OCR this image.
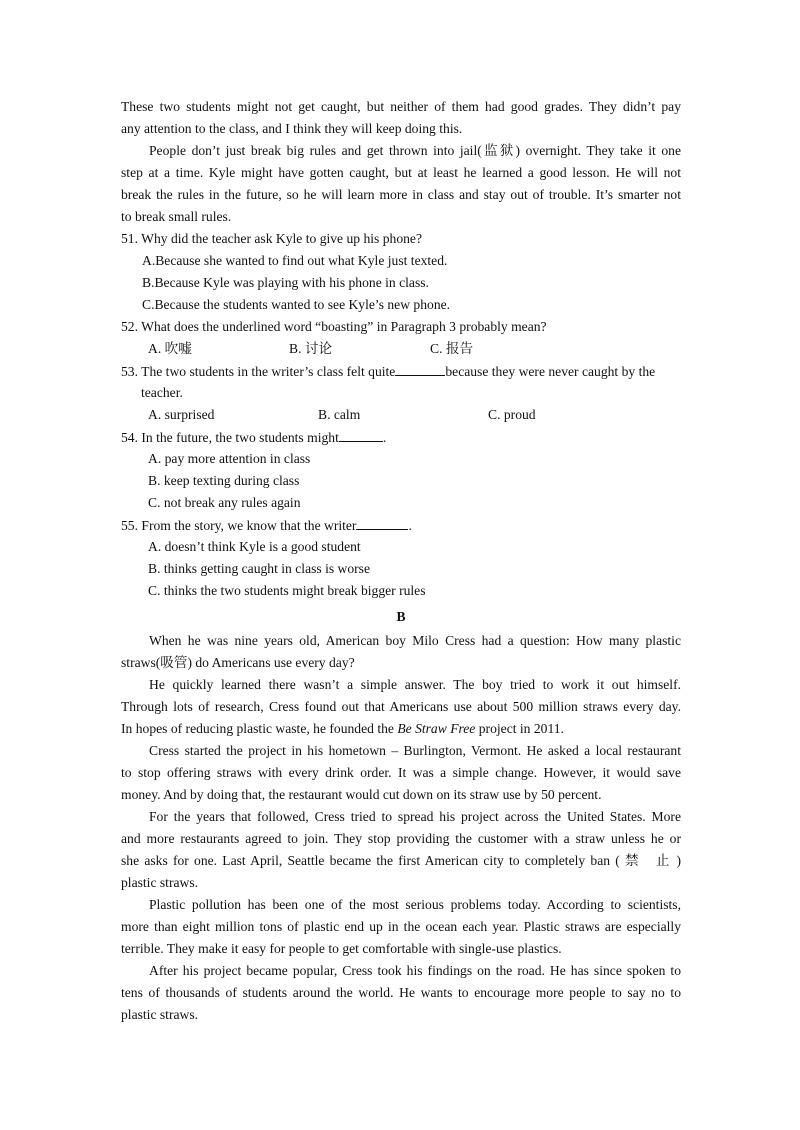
These two students might not get caught, but neither of them had good grades. They didn’t pay
any attention to the class, and I think they will keep doing this.
People don’t just break big rules and get thrown into jail(监狱) overnight. They take it one
step at a time. Kyle might have gotten caught, but at least he learned a good lesson. He will not
break the rules in the future, so he will learn more in class and stay out of trouble. It’s smarter not
to break small rules.
51. Why did the teacher ask Kyle to give up his phone?
A.Because she wanted to find out what Kyle just texted.
B.Because Kyle was playing with his phone in class.
C.Because the students wanted to see Kyle’s new phone.
52. What does the underlined word “boasting” in Paragraph 3 probably mean?
A. 吹嘘	B. 讨论	C. 报告
53. The two students in the writer’s class felt quite	because they were never caught by the
teacher.
A. surprised	B. calm	C. proud
54. In the future, the two students might	.
A. pay more attention in class
B. keep texting during class
C. not break any rules again
55. From the story, we know that the writer	.
A. doesn’t think Kyle is a good student
B. thinks getting caught in class is worse
C. thinks the two students might break bigger rules
B
When he was nine years old, American boy Milo Cress had a question: How many plastic
straws(吸管) do Americans use every day?
He quickly learned there wasn’t a simple answer. The boy tried to work it out himself.
Through lots of research, Cress found out that Americans use about 500 million straws every day.
In hopes of reducing plastic waste, he founded the Be Straw Free project in 2011.
Cress started the project in his hometown – Burlington, Vermont. He asked a local restaurant
to stop offering straws with every drink order. It was a simple change. However, it would save
money. And by doing that, the restaurant would cut down on its straw use by 50 percent.
For the years that followed, Cress tried to spread his project across the United States. More
and more restaurants agreed to join. They stop providing the customer with a straw unless he or
she asks for one. Last April, Seattle became the first American city to completely ban ( 禁　止 )
plastic straws.
Plastic pollution has been one of the most serious problems today. According to scientists,
more than eight million tons of plastic end up in the ocean each year. Plastic straws are especially
terrible. They make it easy for people to get comfortable with single-use plastics.
After his project became popular, Cress took his findings on the road. He has since spoken to
tens of thousands of students around the world. He wants to encourage more people to say no to
plastic straws.
